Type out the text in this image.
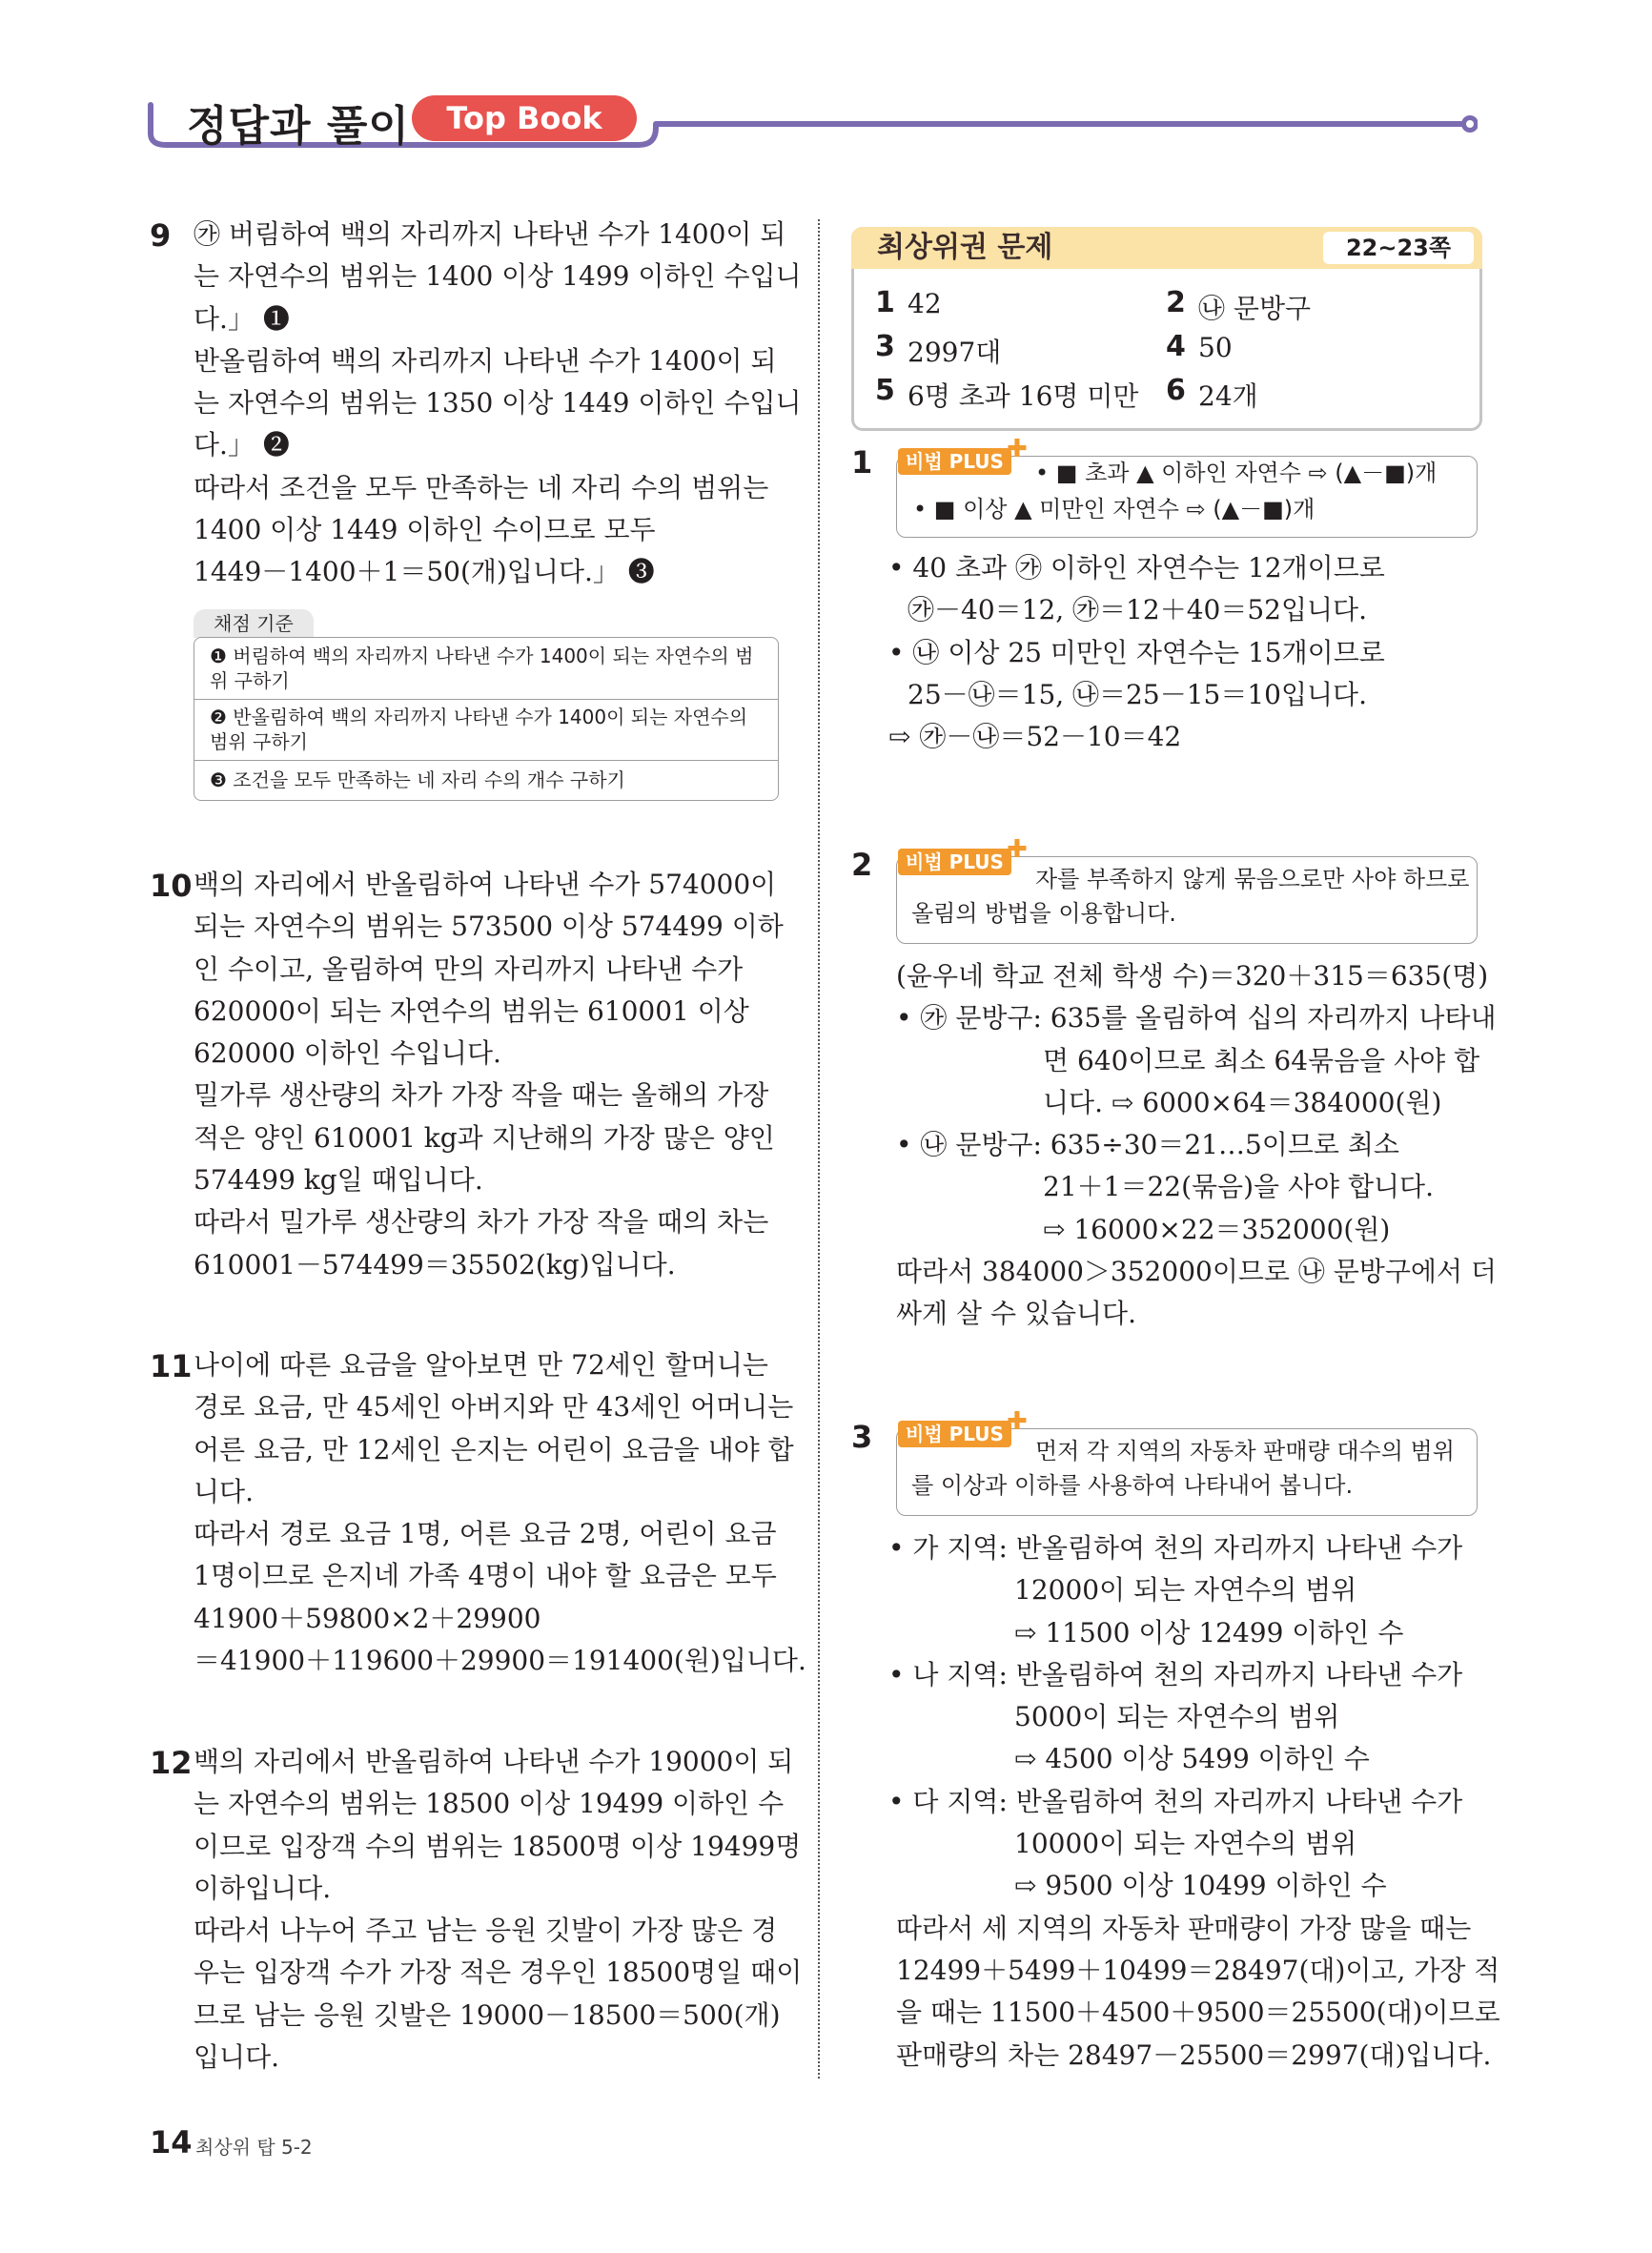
정답과 풀이	Top Book
9 ㉮ 버림하여 백의 자리까지 나타낸 수가 1400이 되
는 자연수의 범위는 1400 이상 1499 이하인 수입니
다.」 ❶
반올림하여 백의 자리까지 나타낸 수가 1400이 되
는 자연수의 범위는 1350 이상 1449 이하인 수입니
다.」 ❷
따라서 조건을 모두 만족하는 네 자리 수의 범위는
1400 이상 1449 이하인 수이므로 모두
1449－1400＋1＝50(개)입니다.」 ❸
채점 기준
❶ 버림하여 백의 자리까지 나타낸 수가 1400이 되는 자연수의 범위 구하기
❷ 반올림하여 백의 자리까지 나타낸 수가 1400이 되는 자연수의 범위 구하기
❸ 조건을 모두 만족하는 네 자리 수의 개수 구하기
10 백의 자리에서 반올림하여 나타낸 수가 574000이
되는 자연수의 범위는 573500 이상 574499 이하
인 수이고, 올림하여 만의 자리까지 나타낸 수가
620000이 되는 자연수의 범위는 610001 이상
620000 이하인 수입니다.
밀가루 생산량의 차가 가장 작을 때는 올해의 가장
적은 양인 610001 kg과 지난해의 가장 많은 양인
574499 kg일 때입니다.
따라서 밀가루 생산량의 차가 가장 작을 때의 차는
610001－574499＝35502(kg)입니다.
11 나이에 따른 요금을 알아보면 만 72세인 할머니는
경로 요금, 만 45세인 아버지와 만 43세인 어머니는
어른 요금, 만 12세인 은지는 어린이 요금을 내야 합
니다.
따라서 경로 요금 1명, 어른 요금 2명, 어린이 요금
1명이므로 은지네 가족 4명이 내야 할 요금은 모두
41900＋59800×2＋29900
＝41900＋119600＋29900＝191400(원)입니다.
12 백의 자리에서 반올림하여 나타낸 수가 19000이 되
는 자연수의 범위는 18500 이상 19499 이하인 수
이므로 입장객 수의 범위는 18500명 이상 19499명
이하입니다.
따라서 나누어 주고 남는 응원 깃발이 가장 많은 경
우는 입장객 수가 가장 적은 경우인 18500명일 때이
므로 남는 응원 깃발은 19000－18500＝500(개)
입니다.
최상위권 문제	22~23쪽
1 42	2 ㉯ 문방구
3 2997대	4 50
5 6명 초과 16명 미만 6 24개
1	비법 PLUS ✚
• ■ 초과 ▲ 이하인 자연수 ⇨ (▲－■)개
• ■ 이상 ▲ 미만인 자연수 ⇨ (▲－■)개
• 40 초과 ㉮ 이하인 자연수는 12개이므로
㉮－40＝12, ㉮＝12＋40＝52입니다.
• ㉯ 이상 25 미만인 자연수는 15개이므로
25－㉯＝15, ㉯＝25－15＝10입니다.
⇨ ㉮－㉯＝52－10＝42
2	비법 PLUS ✚
자를 부족하지 않게 묶음으로만 사야 하므로
올림의 방법을 이용합니다.
(윤우네 학교 전체 학생 수)＝320＋315＝635(명)
• ㉮ 문방구: 635를 올림하여 십의 자리까지 나타내
면 640이므로 최소 64묶음을 사야 합
니다. ⇨ 6000×64＝384000(원)
• ㉯ 문방구: 635÷30＝21…5이므로 최소
21＋1＝22(묶음)을 사야 합니다.
⇨ 16000×22＝352000(원)
따라서 384000＞352000이므로 ㉯ 문방구에서 더
싸게 살 수 있습니다.
3	비법 PLUS ✚
먼저 각 지역의 자동차 판매량 대수의 범위
를 이상과 이하를 사용하여 나타내어 봅니다.
• 가 지역: 반올림하여 천의 자리까지 나타낸 수가
12000이 되는 자연수의 범위
⇨ 11500 이상 12499 이하인 수
• 나 지역: 반올림하여 천의 자리까지 나타낸 수가
5000이 되는 자연수의 범위
⇨ 4500 이상 5499 이하인 수
• 다 지역: 반올림하여 천의 자리까지 나타낸 수가
10000이 되는 자연수의 범위
⇨ 9500 이상 10499 이하인 수
따라서 세 지역의 자동차 판매량이 가장 많을 때는
12499＋5499＋10499＝28497(대)이고, 가장 적
을 때는 11500＋4500＋9500＝25500(대)이므로
판매량의 차는 28497－25500＝2997(대)입니다.
14 최상위 탑 5-2
